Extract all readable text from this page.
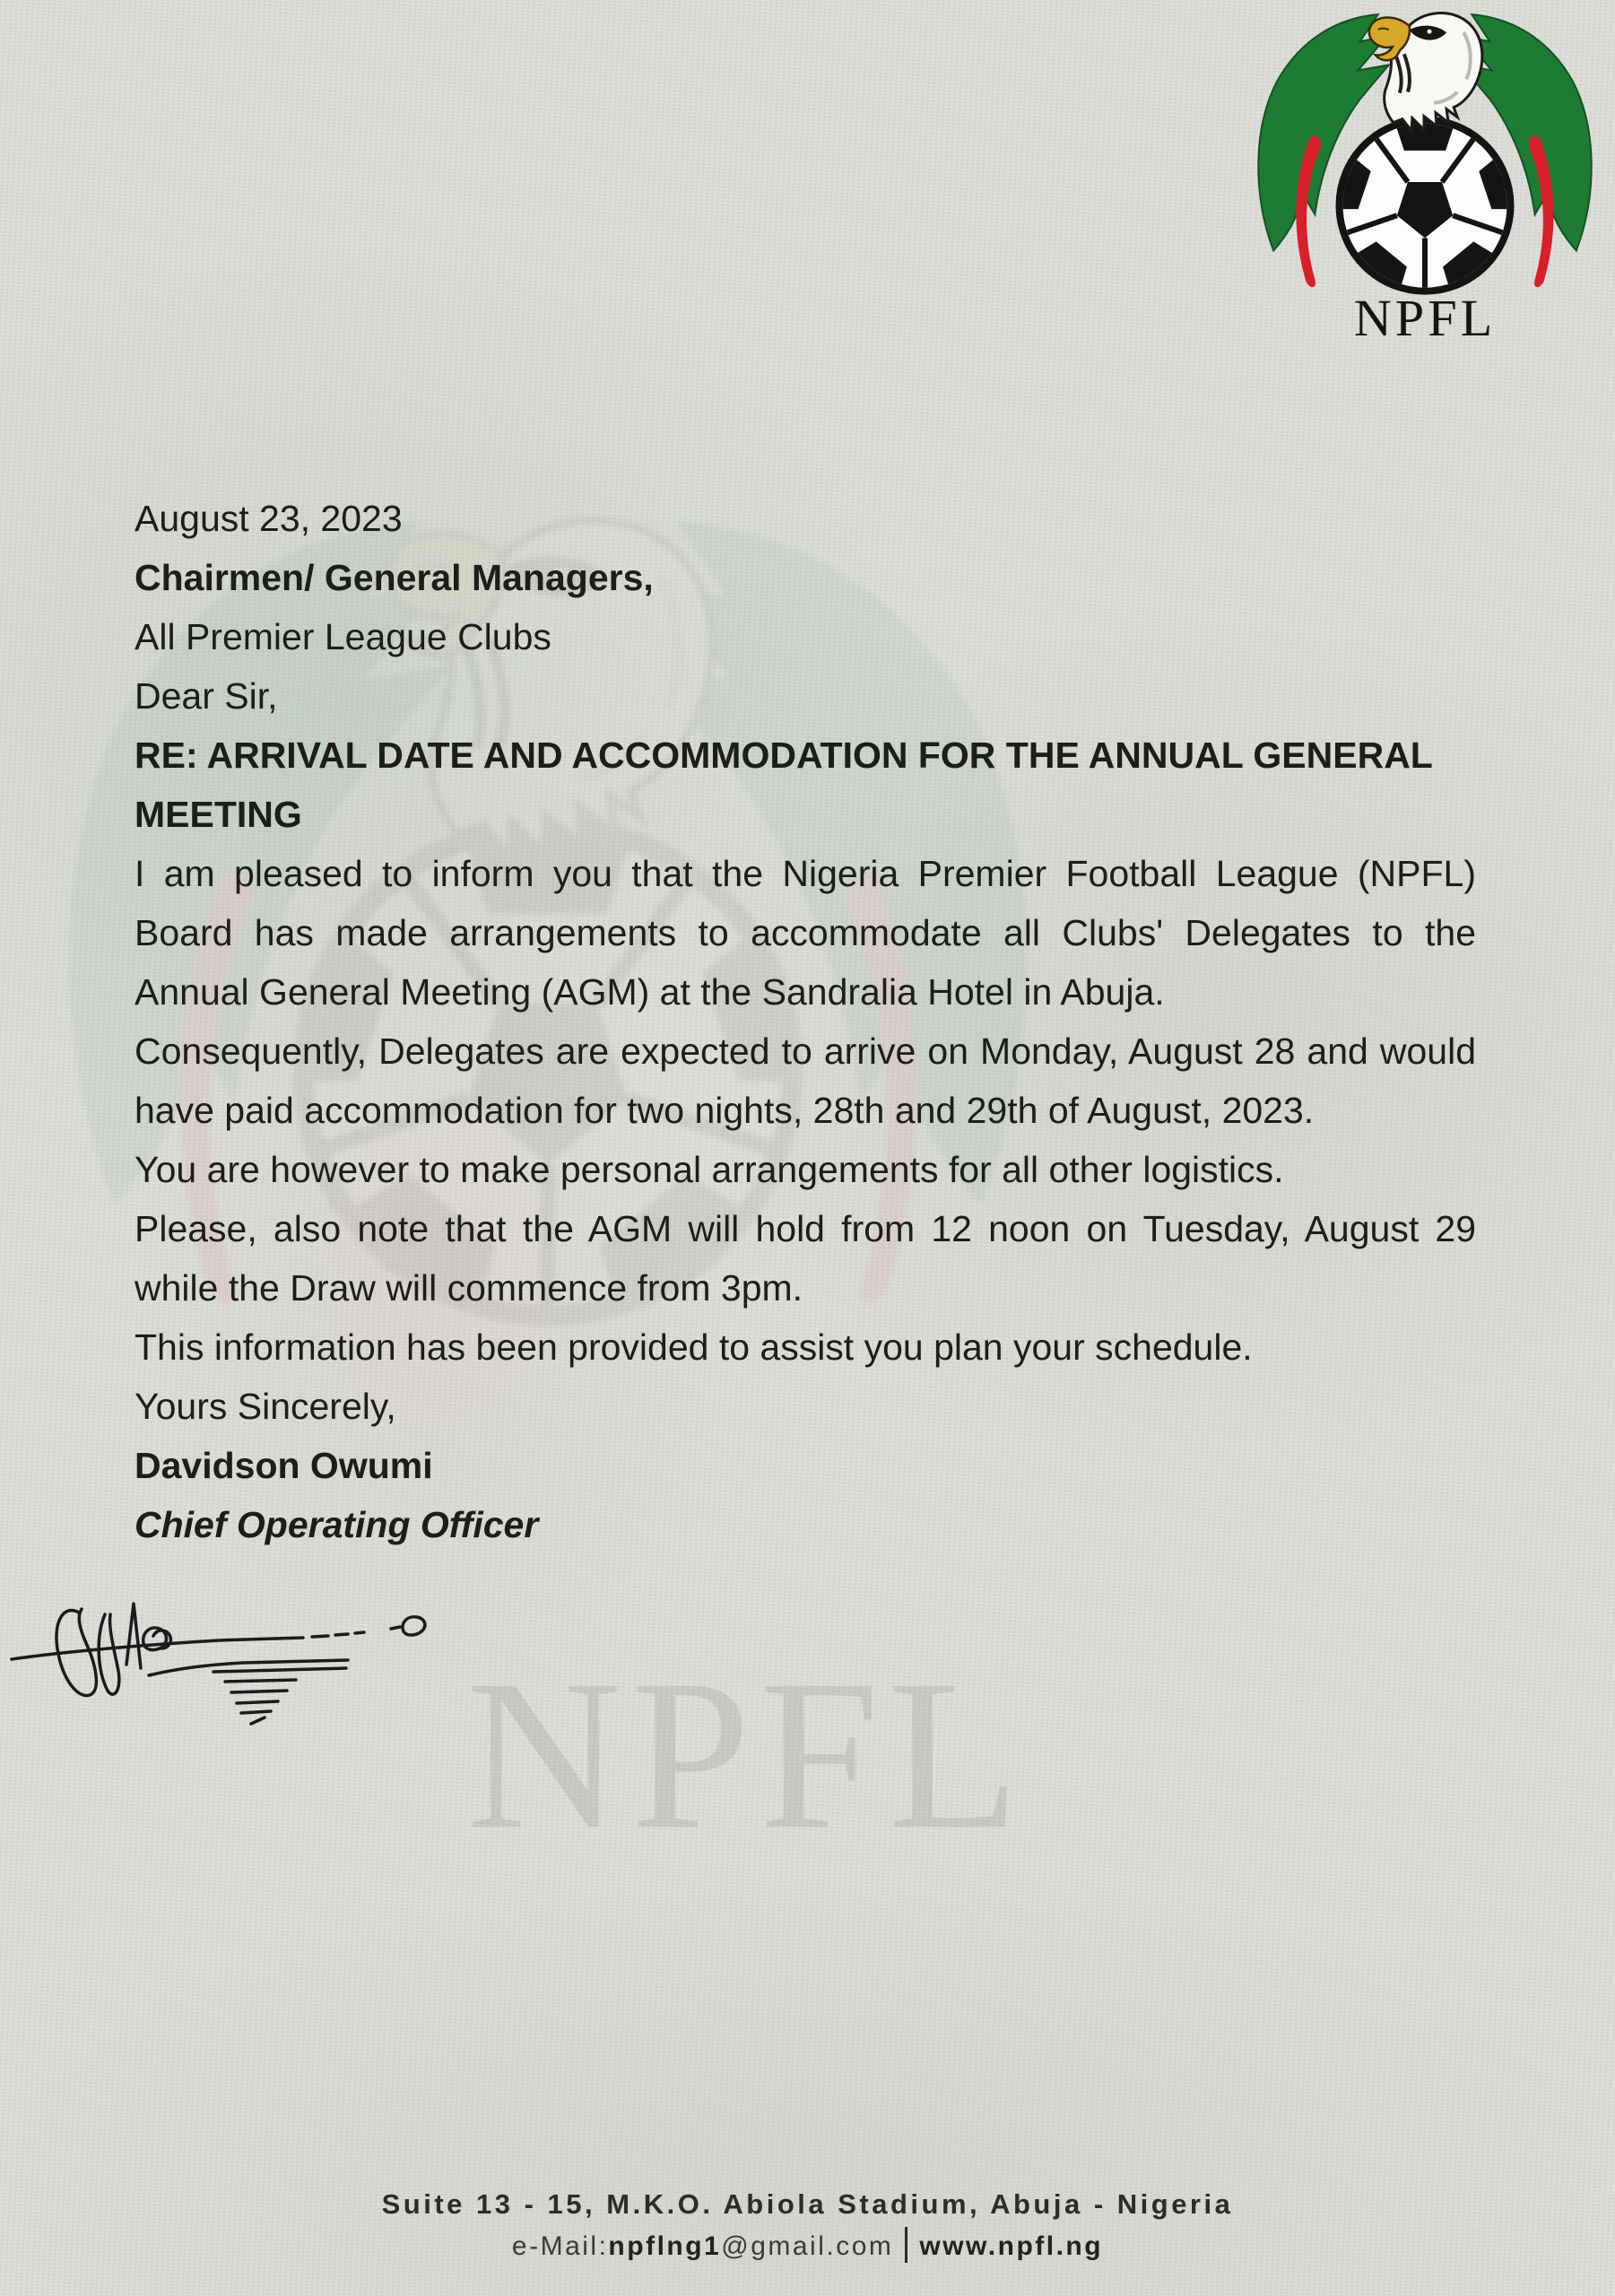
NPFL
NPFL

August 23, 2023

Chairmen/ General Managers,

All Premier League Clubs

Dear Sir,

RE: ARRIVAL DATE AND ACCOMMODATION FOR THE ANNUAL GENERAL MEETING

I am pleased to inform you that the Nigeria Premier Football League (NPFL) Board has made arrangements to accommodate all Clubs' Delegates to the Annual General Meeting (AGM) at the Sandralia Hotel in Abuja.

Consequently, Delegates are expected to arrive on Monday, August 28 and would have paid accommodation for two nights, 28th and 29th of August, 2023.

You are however to make personal arrangements for all other logistics.

Please, also note that the AGM will hold from 12 noon on Tuesday, August 29 while the Draw will commence from 3pm.

This information has been provided to assist you plan your schedule.

Yours Sincerely,

Davidson Owumi

Chief Operating Officer

Suite 13 - 15, M.K.O. Abiola Stadium, Abuja - Nigeria

e-Mail:npflng1@gmail.com www.npfl.ng
